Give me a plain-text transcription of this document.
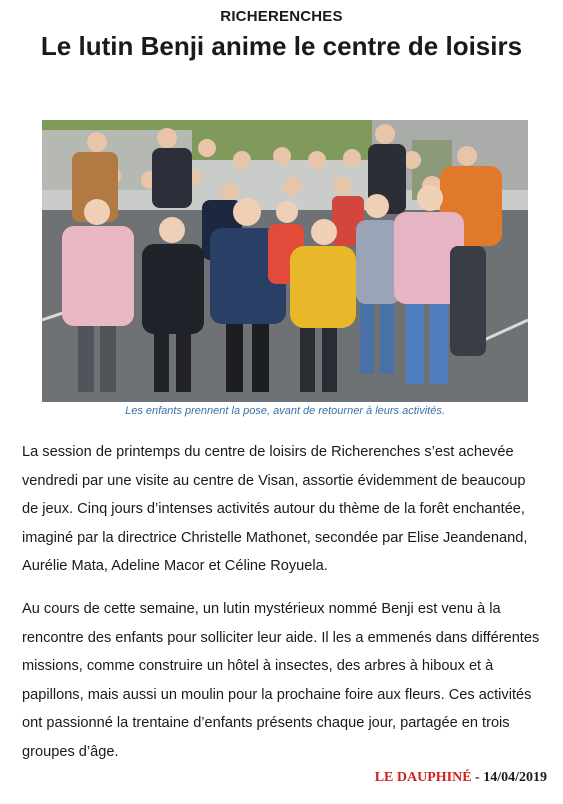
RICHERENCHES
Le lutin Benji anime le centre de loisirs
Les enfants prennent la pose, avant de retourner à leurs activités.

La session de printemps du centre de loisirs de Richerenches s’est achevée vendredi par une visite au centre de Visan, assortie évidemment de beaucoup de jeux. Cinq jours d’intenses activités autour du thème de la forêt enchantée, imaginé par la directrice Christelle Mathonet, secondée par Elise Jeandenand, Aurélie Mata, Adeline Macor et Céline Royuela.

Au cours de cette semaine, un lutin mystérieux nommé Benji est venu à la rencontre des enfants pour solliciter leur aide. Il les a emmenés dans différentes missions, comme construire un hôtel à insectes, des arbres à hiboux et à papillons, mais aussi un moulin pour la prochaine foire aux fleurs. Ces activités ont passionné la trentaine d’enfants présents chaque jour, partagée en trois groupes d’âge.

LE DAUPHINÉ - 14/04/2019
